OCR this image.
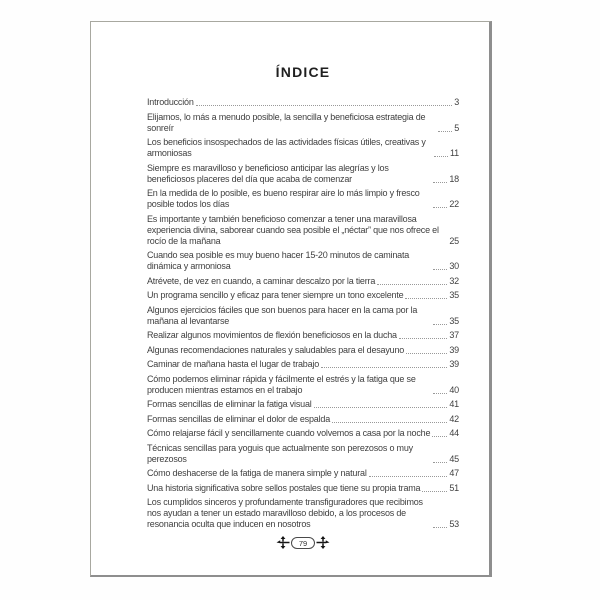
ÍNDICE
Introducción	3
Elijamos, lo más a menudo posible, la sencilla y beneficiosa estrategia de sonreír	5
Los beneficios insospechados de las actividades físicas útiles, creativas y armoniosas	11
Siempre es maravilloso y beneficioso anticipar las alegrías y los beneficiosos placeres del día que acaba de comenzar	18
En la medida de lo posible, es bueno respirar aire lo más limpio y fresco posible todos los días	22
Es importante y también beneficioso comenzar a tener una maravillosa experiencia divina, saborear cuando sea posible el „néctar” que nos ofrece el rocío de la mañana	25
Cuando sea posible es muy bueno hacer 15-20 minutos de caminata dinámica y armoniosa	30
Atrévete, de vez en cuando, a caminar descalzo por la tierra	32
Un programa sencillo y eficaz para tener siempre un tono excelente	35
Algunos ejercicios fáciles que son buenos para hacer en la cama por la mañana al levantarse	35
Realizar algunos movimientos de flexión beneficiosos en la ducha	37
Algunas recomendaciones naturales y saludables para el desayuno	39
Caminar de mañana hasta el lugar de trabajo	39
Cómo podemos eliminar rápida y fácilmente el estrés y la fatiga que se producen mientras estamos en el trabajo	40
Formas sencillas de eliminar la fatiga visual	41
Formas sencillas de eliminar el dolor de espalda	42
Cómo relajarse fácil y sencillamente cuando volvemos a casa por la noche 44
Técnicas sencillas para yoguis que actualmente son perezosos o muy perezosos	45
Cómo deshacerse de la fatiga de manera simple y natural	47
Una historia significativa sobre sellos postales que tiene su propia trama	51
Los cumplidos sinceros y profundamente transfiguradores que recibimos nos ayudan a tener un estado maravilloso debido, a los procesos de resonancia oculta que inducen en nosotros	53
79
